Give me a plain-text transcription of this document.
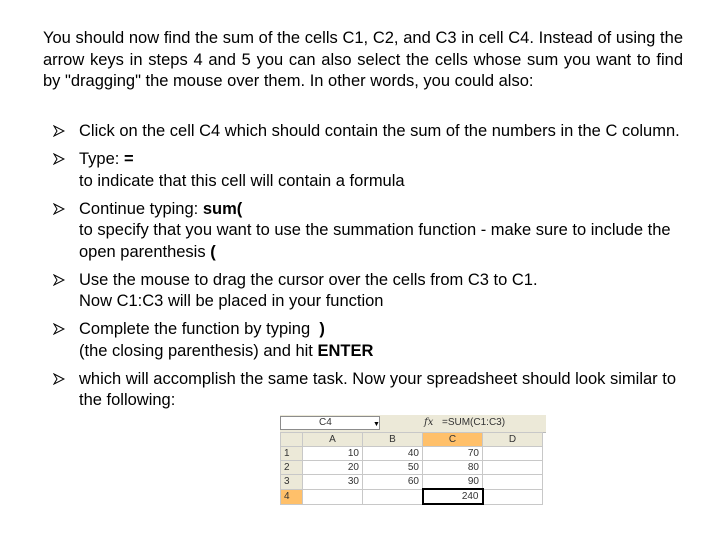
You should now find the sum of the cells C1, C2, and C3 in cell C4. Instead of using the arrow keys in steps 4 and 5 you can also select the cells whose sum you want to find by "dragging" the mouse over them. In other words, you could also:

Click on the cell C4 which should contain the sum of the numbers in the C column.
Type: =
to indicate that this cell will contain a formula
Continue typing: sum(
to specify that you want to use the summation function - make sure to include the open parenthesis (
Use the mouse to drag the cursor over the cells from C3 to C1.
Now C1:C3 will be placed in your function
Complete the function by typing  )
(the closing parenthesis) and hit ENTER
which will accomplish the same task. Now your spreadsheet should look similar to the following:
C4	▼	fx =SUM(C1:C3)
	A	B	C	D
1	10	40	70	
2	20	50	80	
3	30	60	90	
4			240	
